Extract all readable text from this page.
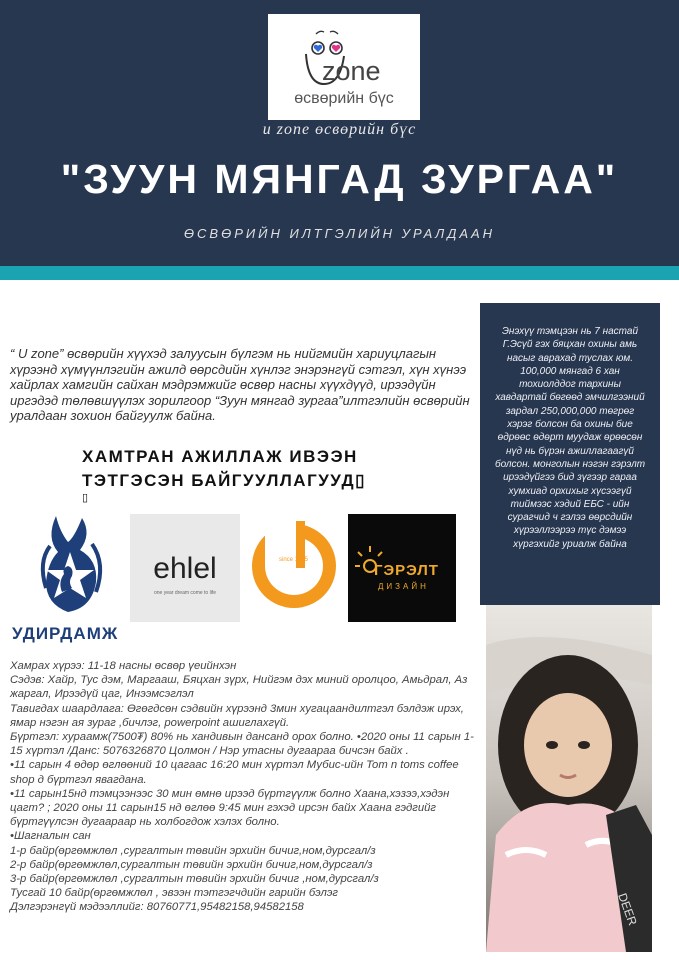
zone
өсвөрийн бүс
u zone өсвөрийн бүс
"ЗУУН МЯНГАД ЗУРГАА"
ӨСВӨРИЙН ИЛТГЭЛИЙН УРАЛДААН

“ U zone” өсвөрийн хүүхэд залуусын бүлгэм нь нийгмийн хариуцлагын хүрээнд хүмүүнлэгийн ажилд өөрсдийн хүнлэг энэрэнгүй сэтгэл, хүн хүнээ хайрлах хамгийн сайхан мэдрэмжийг өсвөр насны хүүхдүүд, ирээдүйн иргэдэд төлөвшүүлэх зорилгоор “Зуун мянгад зургаа”илтгэлийн өсвөрийн уралдаан зохион байгуулж байна.

ХАМТРАН АЖИЛЛАЖ ИВЭЭН ТЭТГЭСЭН БАЙГУУЛЛАГУУД▯
▯
УДИРДАМЖ
ehlel
one year dream come to life
since 1995
ГЭРЭЛТ
ДИЗАЙН

Хамрах хүрээ: 11-18 насны өсвөр үеийнхэн

Сэдэв: Хайр, Тус дэм, Маргааш, Бяцхан зүрх, Нийгэм дэх миний оролцоо, Амьдрал, Аз жаргал, Ирээдүй цаг, Инээмсэглэл

Тавигдах шаардлага: Өгөгдсөн сэдвийн хүрээнд 3мин хугацаандилтгэл бэлдэж ирэх, ямар нэгэн ая зураг ,бичлэг, powerpoint ашиглахгүй.

Бүртгэл: хураамж(7500₮) 80% нь хандивын дансанд орох болно. •2020 оны 11 сарын 1-15 хүртэл /Данс: 5076326870 Цолмон / Нэр утасны дугаараа бичсэн байх .

•11 сарын 4 өдөр өглөөний 10 цагаас 16:20 мин хүртэл Мубис-ийн Tom n toms coffee shop д бүртгэл явагдана.

•11 сарын15нд тэмцээнээс 30 мин өмнө ирээд бүртгүүлж болно Хаана,хэзээ,хэдэн цагт? ; 2020 оны 11 сарын15 нд өглөө 9:45 мин гэхэд ирсэн байх Хаана гэдгийг бүртгүүлсэн дугаараар нь холбогдож хэлэх болно.

•Шагналын сан

1-р байр(өргөмжлөл ,сургалтын төвийн эрхийн бичиг,ном,дурсгал/з

2-р байр(өргөмжлөл,сургалтын төвийн эрхийн бичиг,ном,дурсгал/з

3-р байр(өргөмжлөл ,сургалтын төвийн эрхийн бичиг ,ном,дурсгал/з

Тусгай 10 байр(өргөмжлөл , эвээн тэтгэгчдийн гарийн бэлэг

Дэлгэрэнгүй мэдээллийг: 80760771,95482158,94582158

Энэхүү тэмцээн нь 7 настай Г.Эсүй гэх бяцхан охины амь насыг аврахад туслах юм. 100,000 мянгад 6 хан тохиолддог тархины хавдартай бөгөөд эмчилгээний зардал 250,000,000 төгрөг хэрэг болсон ба охины бие өдрөөс өдөрт муудаж өрөөсөн нүд нь бүрэн ажиллагаагүй болсон. монголын нэгэн гэрэлт ирээдүйгээ бид зүгээр гараа хумхиад орхихыг хүсээгүй тиймээс хэдий ЕБС - ийн сурагчид ч гэлээ өөрсдийн хүрээллээрээ түс дэмээ хүргэхийг уриалж байна

DEER
